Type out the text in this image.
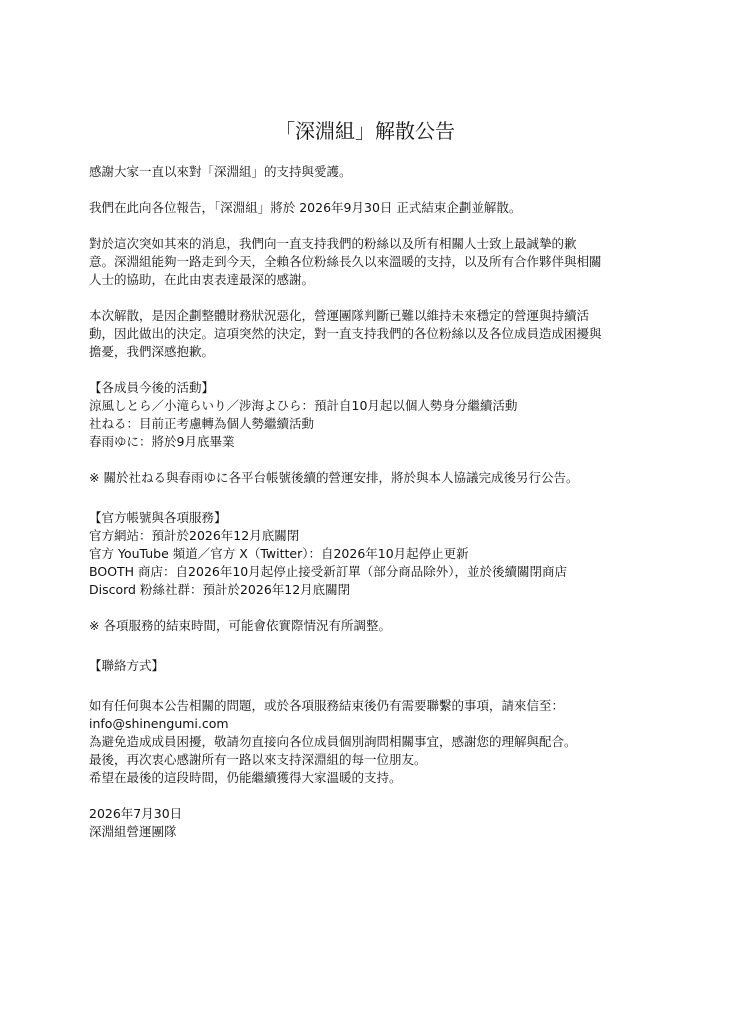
「深淵組」解散公告

感謝大家一直以來對「深淵組」的支持與愛護。

我們在此向各位報告，「深淵組」將於 2026年9月30日 正式結束企劃並解散。

對於這次突如其來的消息，我們向一直支持我們的粉絲以及所有相關人士致上最誠摯的歉

意。深淵組能夠一路走到今天，全賴各位粉絲長久以來溫暖的支持，以及所有合作夥伴與相關

人士的協助，在此由衷表達最深的感謝。

本次解散，是因企劃整體財務狀況惡化，營運團隊判斷已難以維持未來穩定的營運與持續活

動，因此做出的決定。這項突然的決定，對一直支持我們的各位粉絲以及各位成員造成困擾與

擔憂，我們深感抱歉。

【各成員今後的活動】

涼風しとら／小滝らいり／涉海よひら：預計自10月起以個人勢身分繼續活動

社ねる：目前正考慮轉為個人勢繼續活動

春雨ゆに：將於9月底畢業

※ 關於社ねる與春雨ゆに各平台帳號後續的營運安排，將於與本人協議完成後另行公告。

【官方帳號與各項服務】

官方網站：預計於2026年12月底關閉

官方 YouTube 頻道／官方 X（Twitter）：自2026年10月起停止更新

BOOTH 商店：自2026年10月起停止接受新訂單（部分商品除外），並於後續關閉商店

Discord 粉絲社群：預計於2026年12月底關閉

※ 各項服務的結束時間，可能會依實際情況有所調整。

【聯絡方式】

如有任何與本公告相關的問題，或於各項服務結束後仍有需要聯繫的事項，請來信至：

info@shinengumi.com

為避免造成成員困擾，敬請勿直接向各位成員個別詢問相關事宜，感謝您的理解與配合。

最後，再次衷心感謝所有一路以來支持深淵組的每一位朋友。

希望在最後的這段時間，仍能繼續獲得大家溫暖的支持。

2026年7月30日

深淵組營運團隊
